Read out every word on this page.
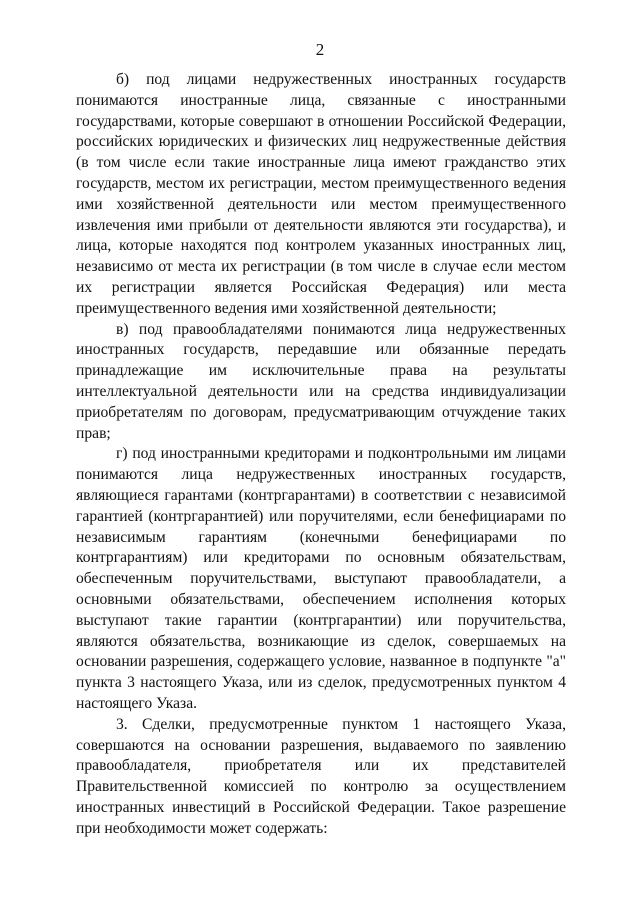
2

б) под лицами недружественных иностранных государств понимаются иностранные лица, связанные с иностранными государствами, которые совершают в отношении Российской Федерации, российских юридических и физических лиц недружественные действия (в том числе если такие иностранные лица имеют гражданство этих государств, местом их регистрации, местом преимущественного ведения ими хозяйственной деятельности или местом преимущественного извлечения ими прибыли от деятельности являются эти государства), и лица, которые находятся под контролем указанных иностранных лиц, независимо от места их регистрации (в том числе в случае если местом их регистрации является Российская Федерация) или места преимущественного ведения ими хозяйственной деятельности;

в) под правообладателями понимаются лица недружественных иностранных государств, передавшие или обязанные передать принадлежащие им исключительные права на результаты интеллектуальной деятельности или на средства индивидуализации приобретателям по договорам, предусматривающим отчуждение таких прав;

г) под иностранными кредиторами и подконтрольными им лицами понимаются лица недружественных иностранных государств, являющиеся гарантами (контргарантами) в соответствии с независимой гарантией (контргарантией) или поручителями, если бенефициарами по независимым гарантиям (конечными бенефициарами по контргарантиям) или кредиторами по основным обязательствам, обеспеченным поручительствами, выступают правообладатели, а основными обязательствами, обеспечением исполнения которых выступают такие гарантии (контргарантии) или поручительства, являются обязательства, возникающие из сделок, совершаемых на основании разрешения, содержащего условие, названное в подпункте "а" пункта 3 настоящего Указа, или из сделок, предусмотренных пунктом 4 настоящего Указа.

3. Сделки, предусмотренные пунктом 1 настоящего Указа, совершаются на основании разрешения, выдаваемого по заявлению правообладателя, приобретателя или их представителей Правительственной комиссией по контролю за осуществлением иностранных инвестиций в Российской Федерации. Такое разрешение при необходимости может содержать:
